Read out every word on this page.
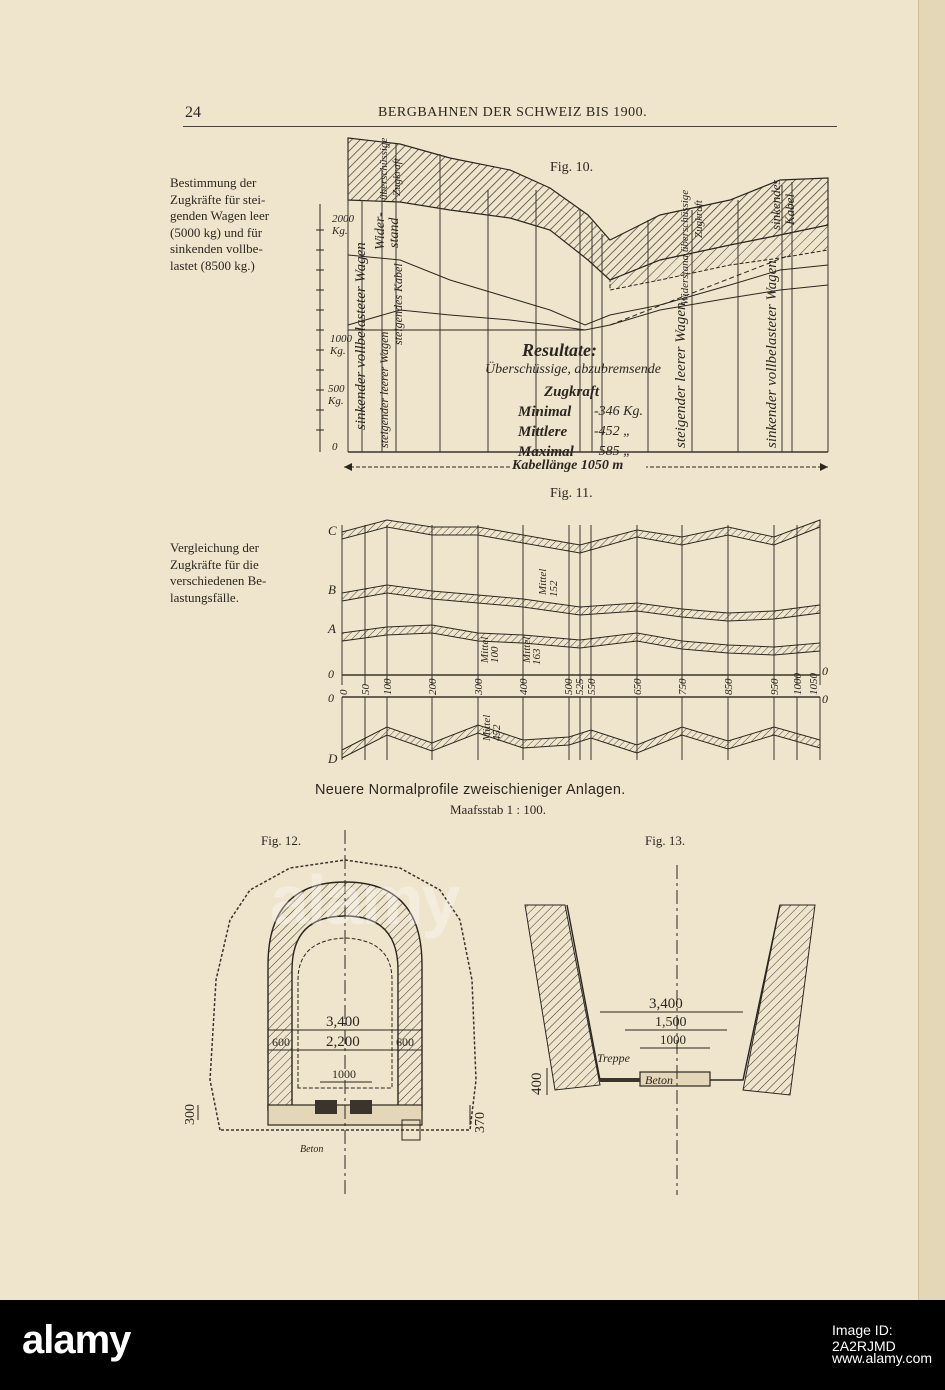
24	BERGBAHNEN DER SCHWEIZ BIS 1900.
Bestimmung der
Zugkräfte für stei-
genden Wagen leer
(5000 kg) und für
sinkenden vollbe-
lastet (8500 kg.)
Vergleichung der
Zugkräfte für die
verschiedenen Be-
lastungsfälle.
2000
Kg.
1000
Kg.
500
Kg.
0
sinkender vollbelasteter Wagen steigender leerer Wagen
Wider- stand
überschüssige Zugkraft
steigendes Kabel	steigender leerer Wagen
Widerstand überschüssige Zugkraft
sinkender vollbelasteter Wagen
sinkendes Kabel
Fig. 10.
Resultate:
Überschüssige, abzubremsende
Zugkraft
Minimal -346 Kg.
Mittlere -452 „
Maximal -585 „
Kabellänge 1050 m
Fig. 11.
C
B
A
0
0
D
0
0
0 50 100	200	300	400	500 525 550	650	750	850	950 1000 1050
Mittel 152
Mittel
100 Mittel
163
Mittel
452
Neuere Normalprofile zweischieniger Anlagen.
Maafsstab 1 : 100.
Fig. 12.	Fig. 13.
3,400
2,200
600	600
1000
300	370
Beton
3,400
1,500
1000
400
Treppe
Beton
alamy
alamy	Image ID: 2A2RJMD
www.alamy.com
